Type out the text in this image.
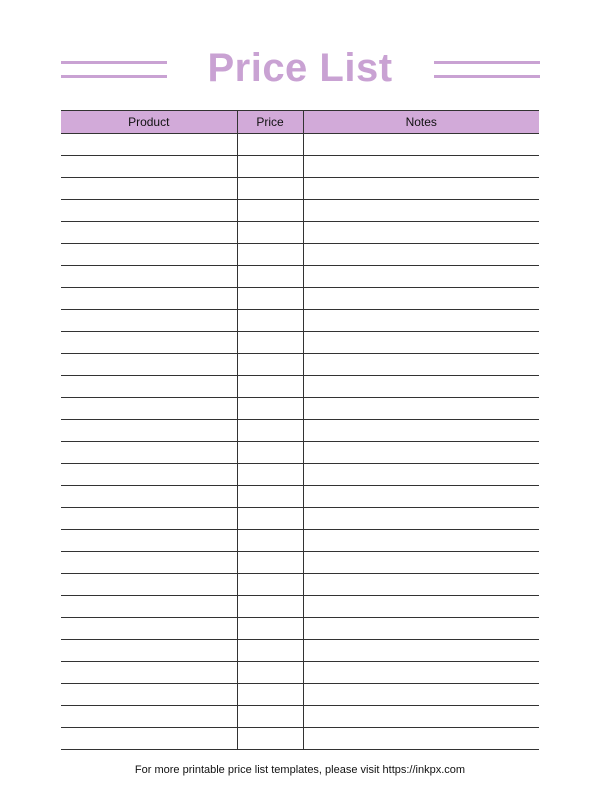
Price List
Product	Price	Notes

For more printable price list templates, please visit https://inkpx.com
